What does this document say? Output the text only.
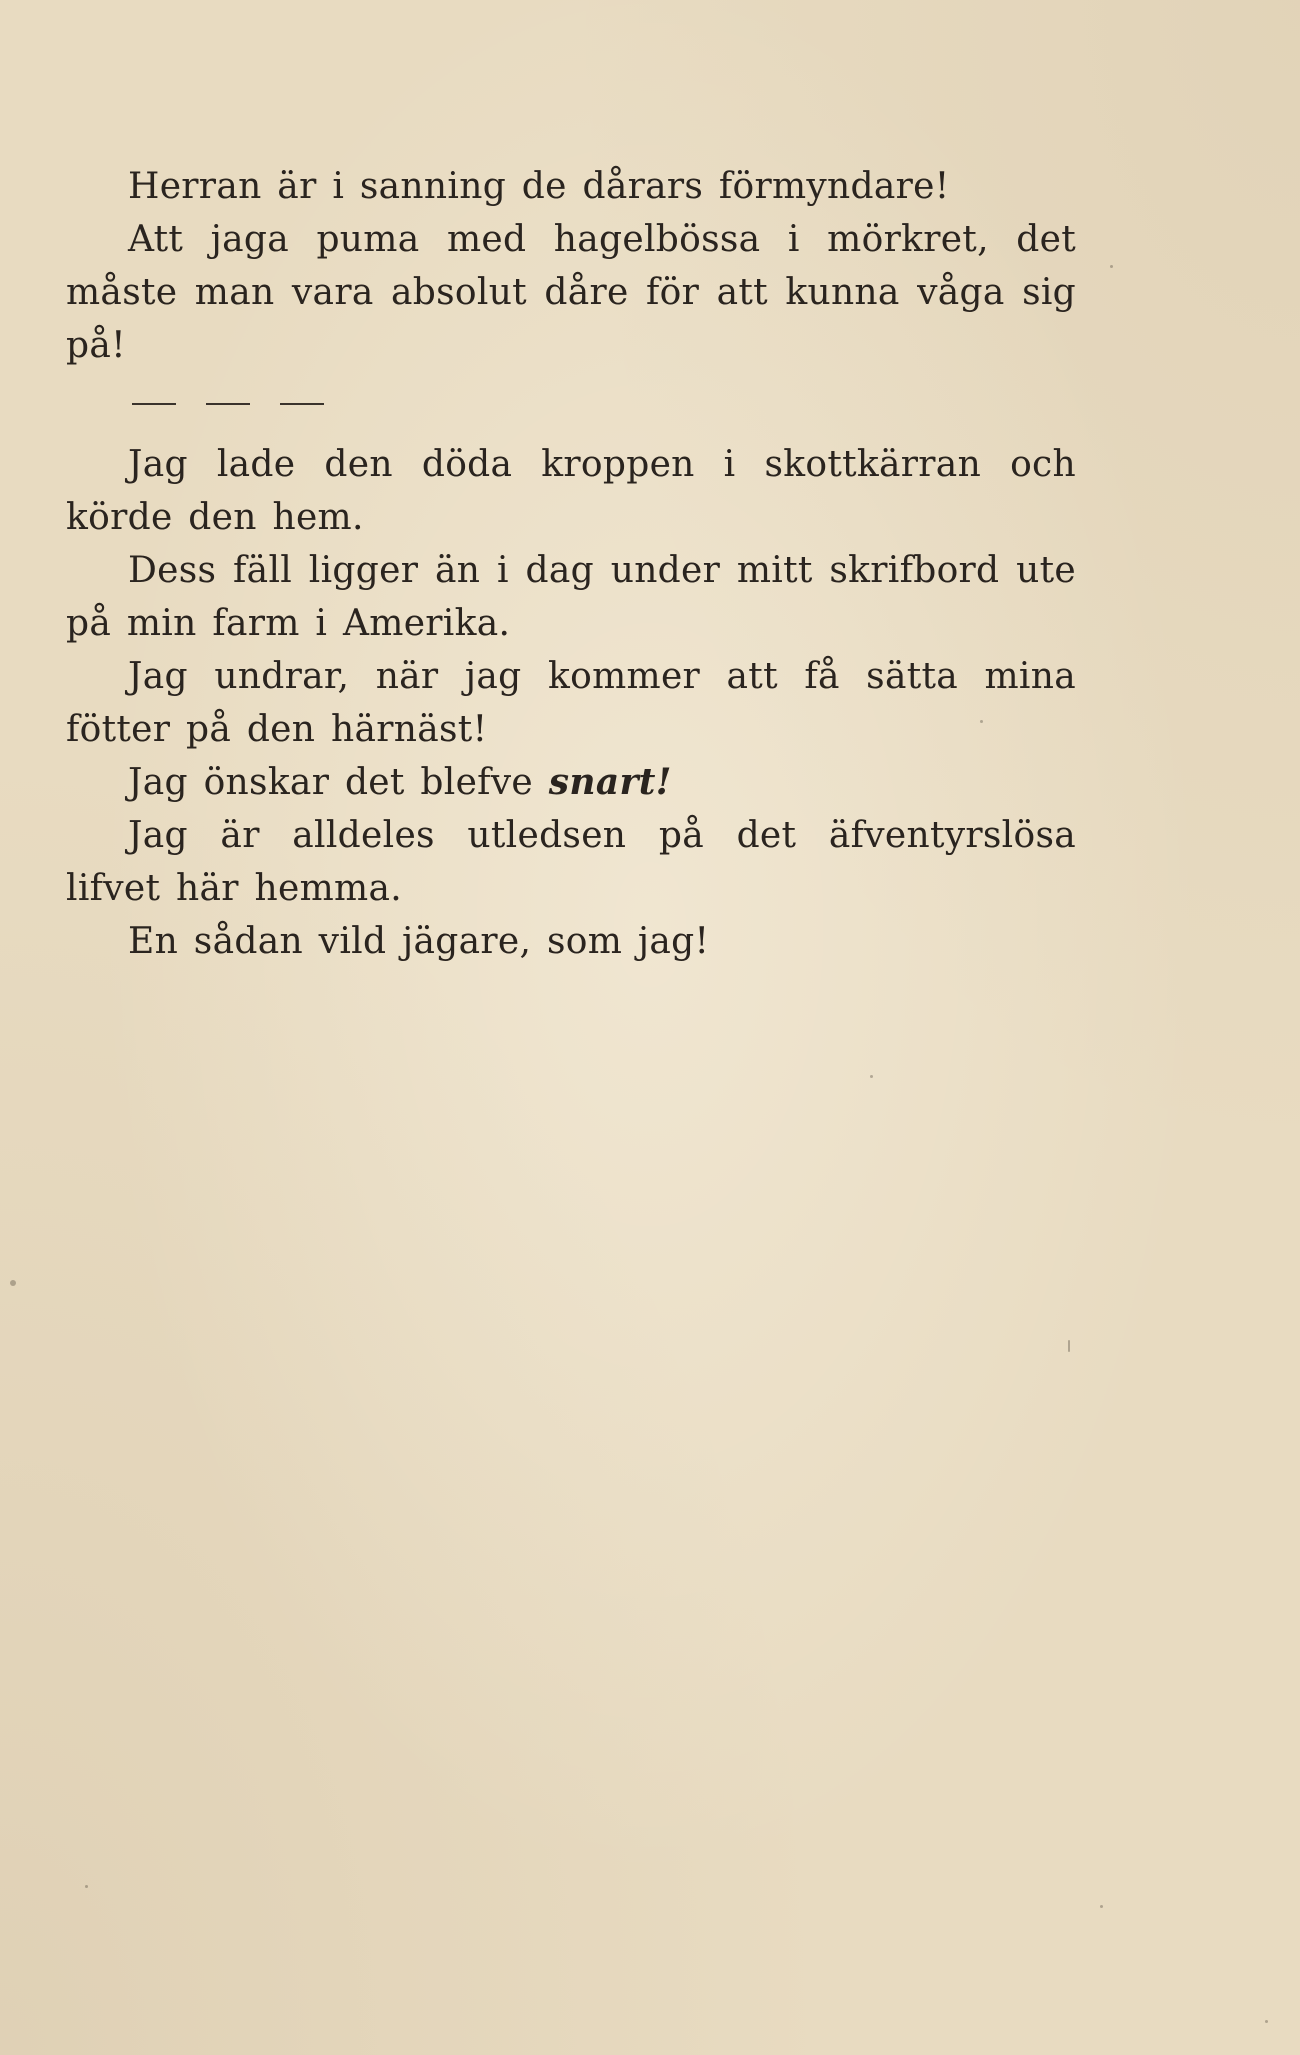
Herran är i sanning de dårars förmyndare!

Att jaga puma med hagelbössa i mörkret, det måste man vara absolut dåre för att kunna våga sig på!

Jag lade den döda kroppen i skottkärran och körde den hem.

Dess fäll ligger än i dag under mitt skrifbord ute på min farm i Amerika.

Jag undrar, när jag kommer att få sätta mina fötter på den härnäst!

Jag önskar det blefve snart!

Jag är alldeles utledsen på det äfventyrslösa lifvet här hemma.

En sådan vild jägare, som jag!
